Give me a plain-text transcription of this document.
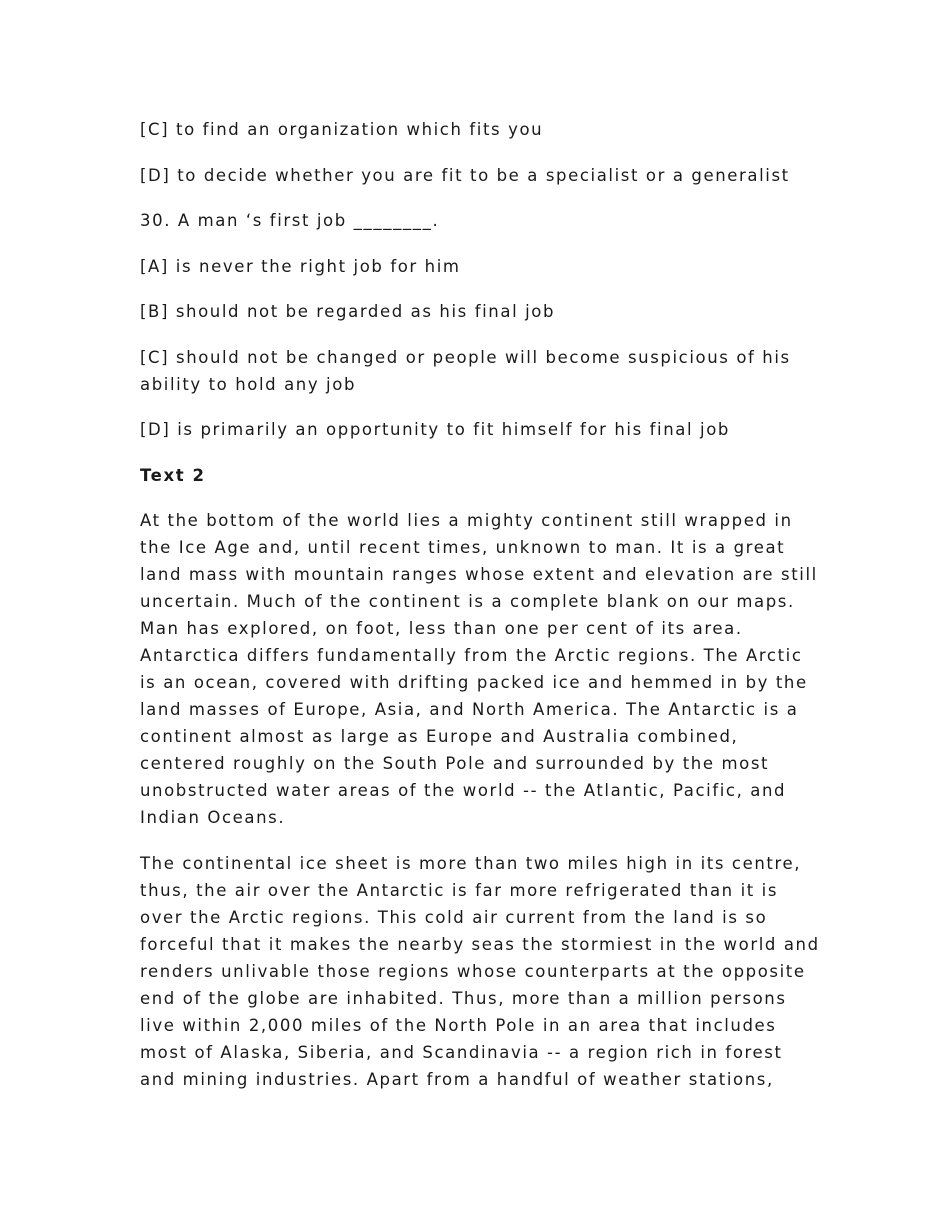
[C] to find an organization which fits you

[D] to decide whether you are fit to be a specialist or a generalist

30. A man ‘s first job ________.

[A] is never the right job for him

[B] should not be regarded as his final job

[C] should not be changed or people will become suspicious of his

ability to hold any job

[D] is primarily an opportunity to fit himself for his final job

Text 2

At the bottom of the world lies a mighty continent still wrapped in

the Ice Age and, until recent times, unknown to man. It is a great

land mass with mountain ranges whose extent and elevation are still

uncertain. Much of the continent is a complete blank on our maps.

Man has explored, on foot, less than one per cent of its area.

Antarctica differs fundamentally from the Arctic regions. The Arctic

is an ocean, covered with drifting packed ice and hemmed in by the

land masses of Europe, Asia, and North America. The Antarctic is a

continent almost as large as Europe and Australia combined,

centered roughly on the South Pole and surrounded by the most

unobstructed water areas of the world -- the Atlantic, Pacific, and

Indian Oceans.

The continental ice sheet is more than two miles high in its centre,

thus, the air over the Antarctic is far more refrigerated than it is

over the Arctic regions. This cold air current from the land is so

forceful that it makes the nearby seas the stormiest in the world and

renders unlivable those regions whose counterparts at the opposite

end of the globe are inhabited. Thus, more than a million persons

live within 2,000 miles of the North Pole in an area that includes

most of Alaska, Siberia, and Scandinavia -- a region rich in forest

and mining industries. Apart from a handful of weather stations,
